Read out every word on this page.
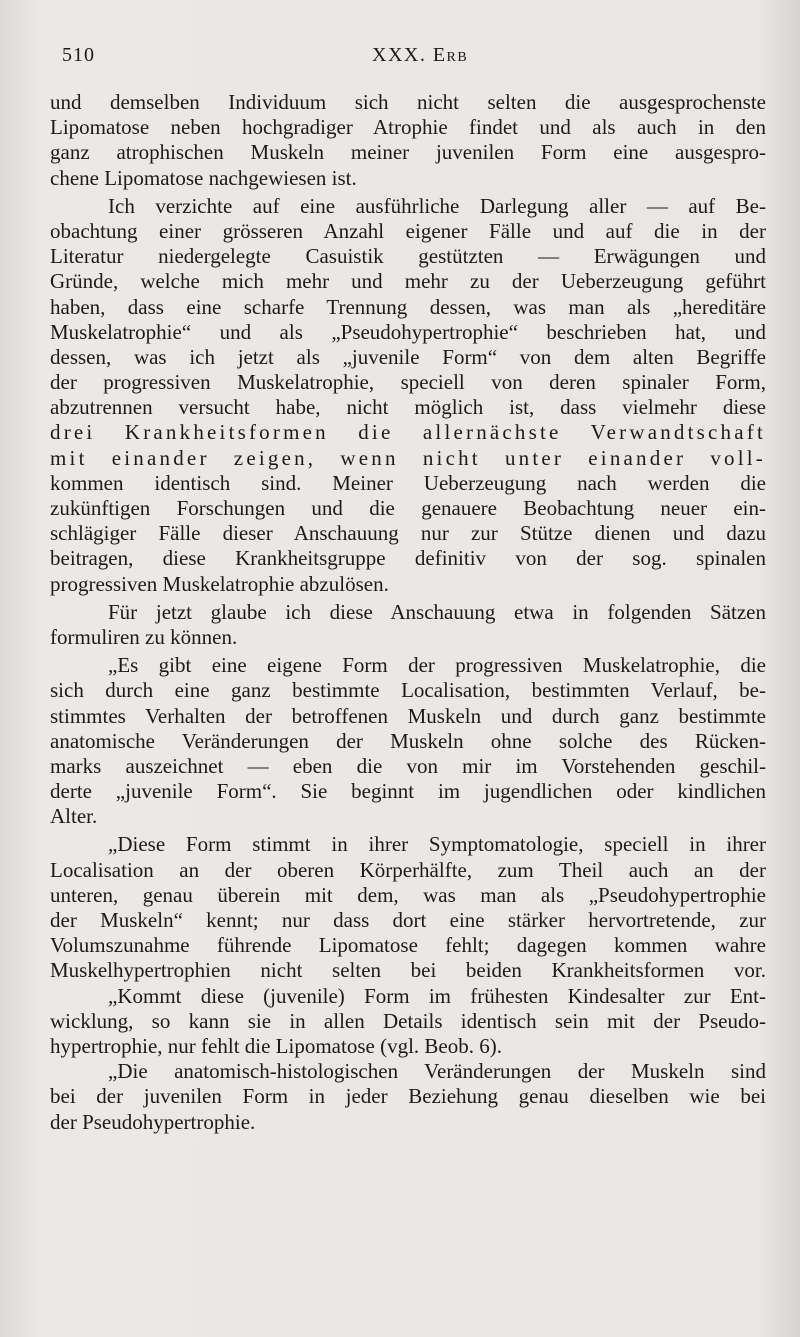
510	XXX. Erb
und demselben Individuum sich nicht selten die ausgesprochenste
Lipomatose neben hochgradiger Atrophie findet und als auch in den
ganz atrophischen Muskeln meiner juvenilen Form eine ausgespro-
chene Lipomatose nachgewiesen ist.
Ich verzichte auf eine ausführliche Darlegung aller — auf Be-
obachtung einer grösseren Anzahl eigener Fälle und auf die in der
Literatur niedergelegte Casuistik gestützten — Erwägungen und
Gründe, welche mich mehr und mehr zu der Ueberzeugung geführt
haben, dass eine scharfe Trennung dessen, was man als „hereditäre
Muskelatrophie“ und als „Pseudohypertrophie“ beschrieben hat, und
dessen, was ich jetzt als „juvenile Form“ von dem alten Begriffe
der progressiven Muskelatrophie, speciell von deren spinaler Form,
abzutrennen versucht habe, nicht möglich ist, dass vielmehr diese
drei Krankheitsformen die allernächste Verwandtschaft
mit einander zeigen, wenn nicht unter einander voll-
kommen identisch sind. Meiner Ueberzeugung nach werden die
zukünftigen Forschungen und die genauere Beobachtung neuer ein-
schlägiger Fälle dieser Anschauung nur zur Stütze dienen und dazu
beitragen, diese Krankheitsgruppe definitiv von der sog. spinalen
progressiven Muskelatrophie abzulösen.
Für jetzt glaube ich diese Anschauung etwa in folgenden Sätzen
formuliren zu können.
„Es gibt eine eigene Form der progressiven Muskelatrophie, die
sich durch eine ganz bestimmte Localisation, bestimmten Verlauf, be-
stimmtes Verhalten der betroffenen Muskeln und durch ganz bestimmte
anatomische Veränderungen der Muskeln ohne solche des Rücken-
marks auszeichnet — eben die von mir im Vorstehenden geschil-
derte „juvenile Form“. Sie beginnt im jugendlichen oder kindlichen
Alter.
„Diese Form stimmt in ihrer Symptomatologie, speciell in ihrer
Localisation an der oberen Körperhälfte, zum Theil auch an der
unteren, genau überein mit dem, was man als „Pseudohypertrophie
der Muskeln“ kennt; nur dass dort eine stärker hervortretende, zur
Volumszunahme führende Lipomatose fehlt; dagegen kommen wahre
Muskelhypertrophien nicht selten bei beiden Krankheitsformen vor.
„Kommt diese (juvenile) Form im frühesten Kindesalter zur Ent-
wicklung, so kann sie in allen Details identisch sein mit der Pseudo-
hypertrophie, nur fehlt die Lipomatose (vgl. Beob. 6).
„Die anatomisch-histologischen Veränderungen der Muskeln sind
bei der juvenilen Form in jeder Beziehung genau dieselben wie bei
der Pseudohypertrophie.
